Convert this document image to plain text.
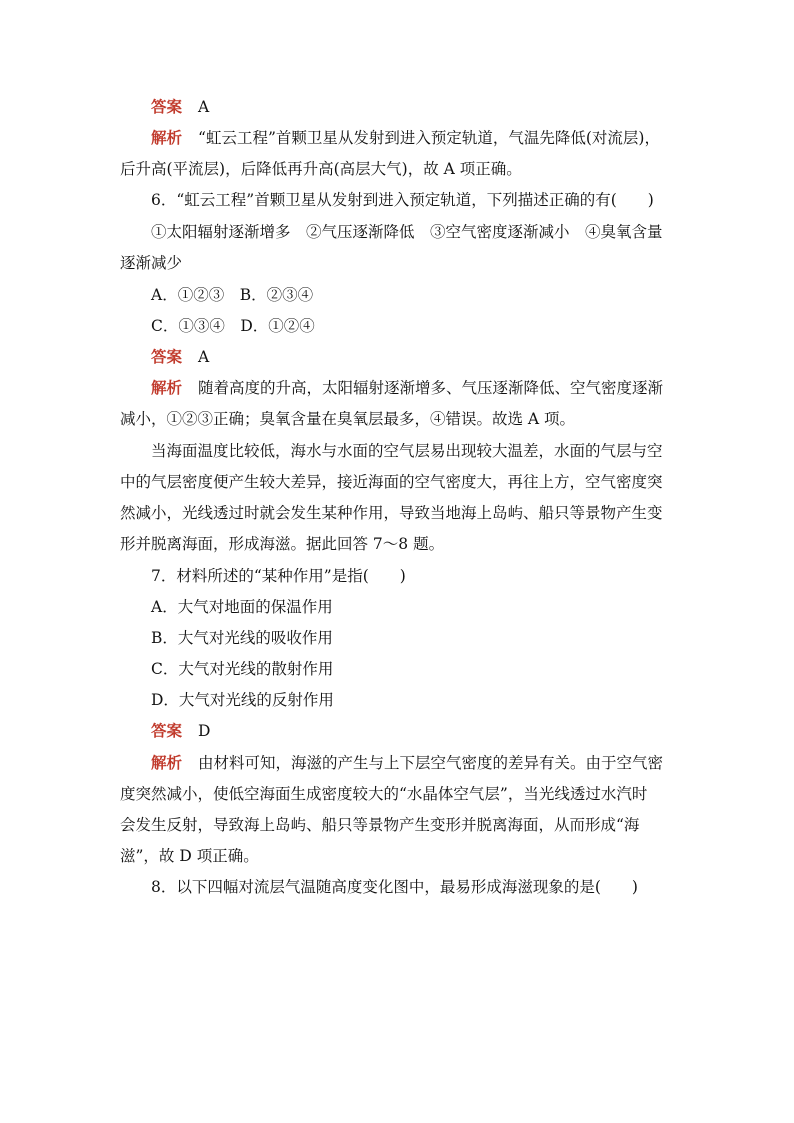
答案 A
解析 “虹云工程”首颗卫星从发射到进入预定轨道，气温先降低(对流层)，
后升高(平流层)，后降低再升高(高层大气)，故 A 项正确。
6．“虹云工程”首颗卫星从发射到进入预定轨道，下列描述正确的有(　　)
①太阳辐射逐渐增多　②气压逐渐降低　③空气密度逐渐减小　④臭氧含量
逐渐减少
A．①②③　B．②③④
C．①③④　D．①②④
答案 A
解析 随着高度的升高，太阳辐射逐渐增多、气压逐渐降低、空气密度逐渐
减小，①②③正确；臭氧含量在臭氧层最多，④错误。故选 A 项。
当海面温度比较低，海水与水面的空气层易出现较大温差，水面的气层与空
中的气层密度便产生较大差异，接近海面的空气密度大，再往上方，空气密度突
然减小，光线透过时就会发生某种作用，导致当地海上岛屿、船只等景物产生变
形并脱离海面，形成海滋。据此回答 7～8 题。
7．材料所述的“某种作用”是指(　　)
A．大气对地面的保温作用
B．大气对光线的吸收作用
C．大气对光线的散射作用
D．大气对光线的反射作用
答案 D
解析 由材料可知，海滋的产生与上下层空气密度的差异有关。由于空气密
度突然减小，使低空海面生成密度较大的“水晶体空气层”，当光线透过水汽时
会发生反射，导致海上岛屿、船只等景物产生变形并脱离海面，从而形成“海
滋”，故 D 项正确。
8．以下四幅对流层气温随高度变化图中，最易形成海滋现象的是(　　)
